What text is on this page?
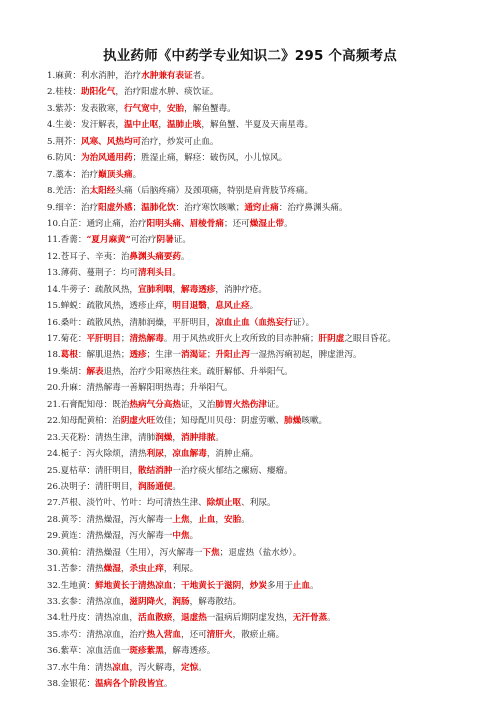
执业药师《中药学专业知识二》295 个高频考点
1.麻黄：利水消肿，治疗水肿兼有表证者。
2.桂枝：助阳化气，治疗阳虚水肿、痰饮证。
3.紫苏：发表散寒，行气宽中，安胎，解鱼蟹毒。
4.生姜：发汗解表，温中止呕，温肺止咳，解鱼蟹、半夏及天南星毒。
5.荆芥：风寒、风热均可治疗，炒炭可止血。
6.防风：为治风通用药；胜湿止痛，解痉：破伤风，小儿惊风。
7.藁本：治疗巅顶头痛。
8.羌活：治太阳经头痛（后脑疼痛）及颈项痛，特别是肩背肢节疼痛。
9.细辛：治疗阳虚外感；温肺化饮：治疗寒饮咳嗽；通窍止痛：治疗鼻渊头痛。
10.白芷：通窍止痛，治疗阳明头痛、眉棱骨痛；还可燥湿止带。
11.香薷：“夏月麻黄”可治疗阴暑证。
12.苍耳子、辛夷：治鼻渊头痛要药。
13.薄荷、蔓荆子：均可清利头目。
14.牛蒡子：疏散风热，宣肺利咽，解毒透疹，消肿疗疮。
15.蝉蜕：疏散风热，透疹止痒，明目退翳，息风止痉。
16.桑叶：疏散风热，清肺润燥，平肝明目，凉血止血（血热妄行证）。
17.菊花：平肝明目；清热解毒。用于风热或肝火上攻所致的目赤肿痛；肝阴虚之眼目昏花。
18.葛根：解肌退热；透疹；生津一消渴证；升阳止泻一湿热泻痢初起，脾虚泄泻。
19.柴胡：解表退热，治疗少阳寒热往来。疏肝解郁、升举阳气。
20.升麻：清热解毒一善解阳明热毒；升举阳气。
21.石膏配知母：既治热病气分高热证，又治肺胃火热伤津证。
22.知母配黄柏：治阴虚火旺效佳；知母配川贝母：阴虚劳嗽、肺燥咳嗽。
23.天花粉：清热生津，清肺润燥，消肿排脓。
24.栀子：泻火除烦，清热利尿，凉血解毒，消肿止痛。
25.夏枯草：清肝明目，散结消肿一治疗痰火郁结之瘰疬、瘿瘤。
26.决明子：清肝明目，润肠通便。
27.芦根、淡竹叶、竹叶：均可清热生津、除烦止呕、利尿。
28.黄芩：清热燥湿，泻火解毒一上焦，止血，安胎。
29.黄连：清热燥湿，泻火解毒一中焦。
30.黄柏：清热燥湿（生用），泻火解毒一下焦；退虚热（盐水炒）。
31.苦参：清热燥湿，杀虫止痒，利尿。
32.生地黄：鲜地黄长于清热凉血；干地黄长于滋阴，炒炭多用于止血。
33.玄参：清热凉血，滋阴降火，润肠，解毒散结。
34.牡丹皮：清热凉血，活血散瘀，退虚热一温病后期阴虚发热，无汗骨蒸。
35.赤芍：清热凉血，治疗热入营血，还可清肝火，散瘀止痛。
36.紫草：凉血活血一斑疹紫黑，解毒透疹。
37.水牛角：清热凉血，泻火解毒，定惊。
38.金银花：温病各个阶段皆宜。
